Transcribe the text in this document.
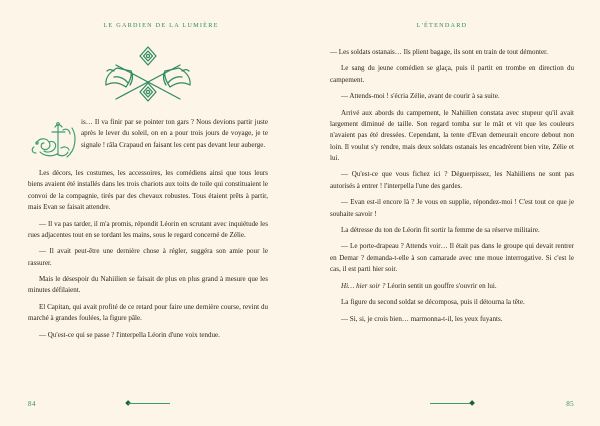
LE GARDIEN DE LA LUMIÈRE

is… Il va finir par se pointer ton gars ? Nous devions partir juste après le lever du soleil, on en a pour trois jours de voyage, je te signale ! râla Crapaud en faisant les cent pas devant leur auberge.

Les décors, les costumes, les accessoires, les comédiens ainsi que tous leurs biens avaient été installés dans les trois chariots aux toits de toile qui constituaient le convoi de la compagnie, tirés par des chevaux robustes. Tous étaient prêts à partir, mais Evan se faisait attendre.

— Il va pas tarder, il m'a promis, répondit Léorin en scrutant avec inquiétude les rues adjacentes tout en se tordant les mains, sous le regard concerné de Zélie.

— Il avait peut-être une dernière chose à régler, suggéra son amie pour le rassurer.

Mais le désespoir du Nahiilien se faisait de plus en plus grand à mesure que les minutes défilaient.

El Capitan, qui avait profité de ce retard pour faire une dernière course, revint du marché à grandes foulées, la figure pâle.

— Qu'est-ce qui se passe ? l'interpella Léorin d'une voix tendue.

84
L'ÉTENDARD

— Les soldats ostanais… Ils plient bagage, ils sont en train de tout démonter.

Le sang du jeune comédien se glaça, puis il partit en trombe en direction du campement.

— Attends-moi ! s'écria Zélie, avant de courir à sa suite.

Arrivé aux abords du campement, le Nahiilien constata avec stupeur qu'il avait largement diminué de taille. Son regard tomba sur le mât et vit que les couleurs n'avaient pas été dressées. Cependant, la tente d'Evan demeurait encore debout non loin. Il voulut s'y rendre, mais deux soldats ostanais les encadrèrent bien vite, Zélie et lui.

— Qu'est-ce que vous fichez ici ? Déguerpissez, les Nahiiliens ne sont pas autorisés à entrer ! l'interpella l'une des gardes.

— Evan est-il encore là ? Je vous en supplie, répondez-moi ! C'est tout ce que je souhaite savoir !

La détresse du ton de Léorin fit sortir la femme de sa réserve militaire.

— Le porte-drapeau ? Attends voir… Il était pas dans le groupe qui devait rentrer en Demar ? demanda-t-elle à son camarade avec une moue interrogative. Si c'est le cas, il est parti hier soir.

Hi… hier soir ? Léorin sentit un gouffre s'ouvrir en lui.

La figure du second soldat se décomposa, puis il détourna la tête.

— Si, si, je crois bien… marmonna-t-il, les yeux fuyants.

85
